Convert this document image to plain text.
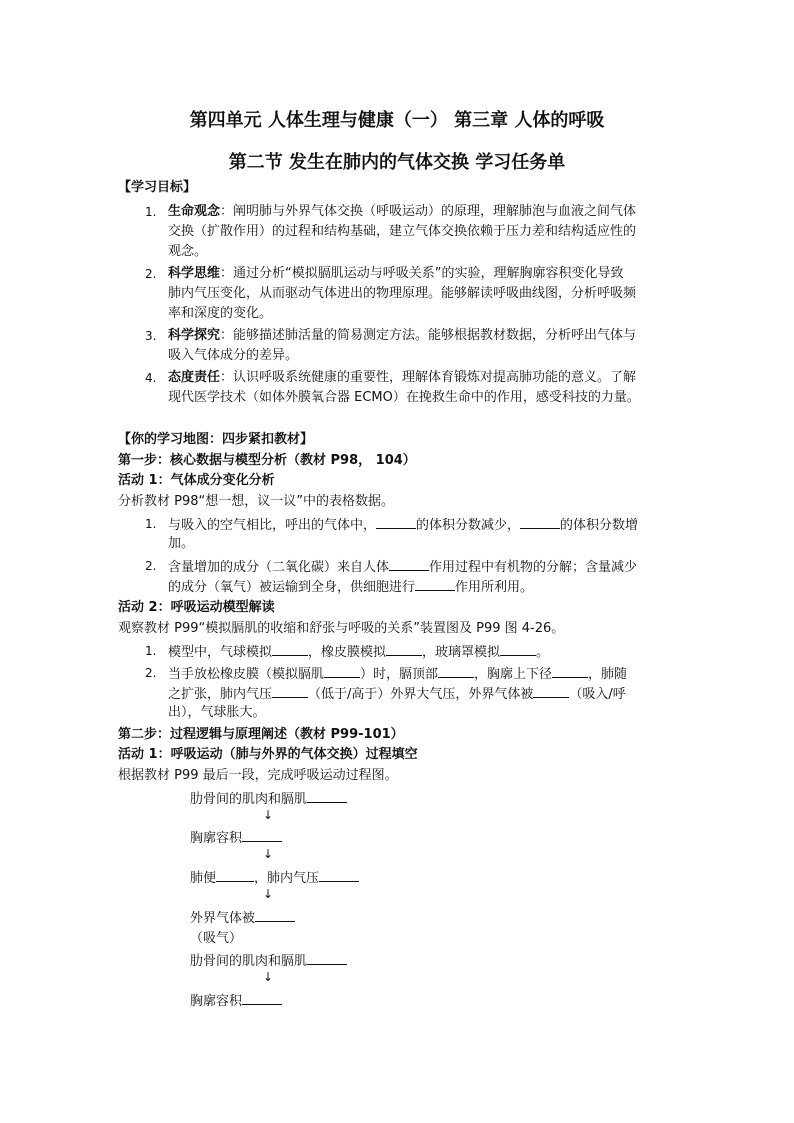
第四单元 人体生理与健康（一） 第三章 人体的呼吸
第二节 发生在肺内的气体交换 学习任务单
【学习目标】
1. 生命观念：阐明肺与外界气体交换（呼吸运动）的原理，理解肺泡与血液之间气体
交换（扩散作用）的过程和结构基础，建立气体交换依赖于压力差和结构适应性的
观念。
2. 科学思维：通过分析“模拟膈肌运动与呼吸关系”的实验，理解胸廓容积变化导致
肺内气压变化，从而驱动气体进出的物理原理。能够解读呼吸曲线图，分析呼吸频
率和深度的变化。
3. 科学探究：能够描述肺活量的简易测定方法。能够根据教材数据，分析呼出气体与
吸入气体成分的差异。
4. 态度责任：认识呼吸系统健康的重要性，理解体育锻炼对提高肺功能的意义。了解
现代医学技术（如体外膜氧合器 ECMO）在挽救生命中的作用，感受科技的力量。
【你的学习地图：四步紧扣教材】
第一步：核心数据与模型分析（教材 P98， 104）
活动 1：气体成分变化分析
分析教材 P98“想一想，议一议”中的表格数据。
1. 与吸入的空气相比，呼出的气体中，	的体积分数减少，	的体积分数增
加。
2. 含量增加的成分（二氧化碳）来自人体	作用过程中有机物的分解；含量减少
的成分（氧气）被运输到全身，供细胞进行	作用所利用。
活动 2：呼吸运动模型解读
观察教材 P99“模拟膈肌的收缩和舒张与呼吸的关系”装置图及 P99 图 4-26。
1. 模型中，气球模拟	，橡皮膜模拟	，玻璃罩模拟	。
2. 当手放松橡皮膜（模拟膈肌	）时，膈顶部	，胸廓上下径	，肺随
之扩张，肺内气压	（低于/高于）外界大气压，外界气体被	（吸入/呼
出），气球胀大。
第二步：过程逻辑与原理阐述（教材 P99-101）
活动 1：呼吸运动（肺与外界的气体交换）过程填空
根据教材 P99 最后一段，完成呼吸运动过程图。
肋骨间的肌肉和膈肌
↓
胸廓容积
↓
肺便	，肺内气压
↓
外界气体被
（吸气）
肋骨间的肌肉和膈肌
↓
胸廓容积
